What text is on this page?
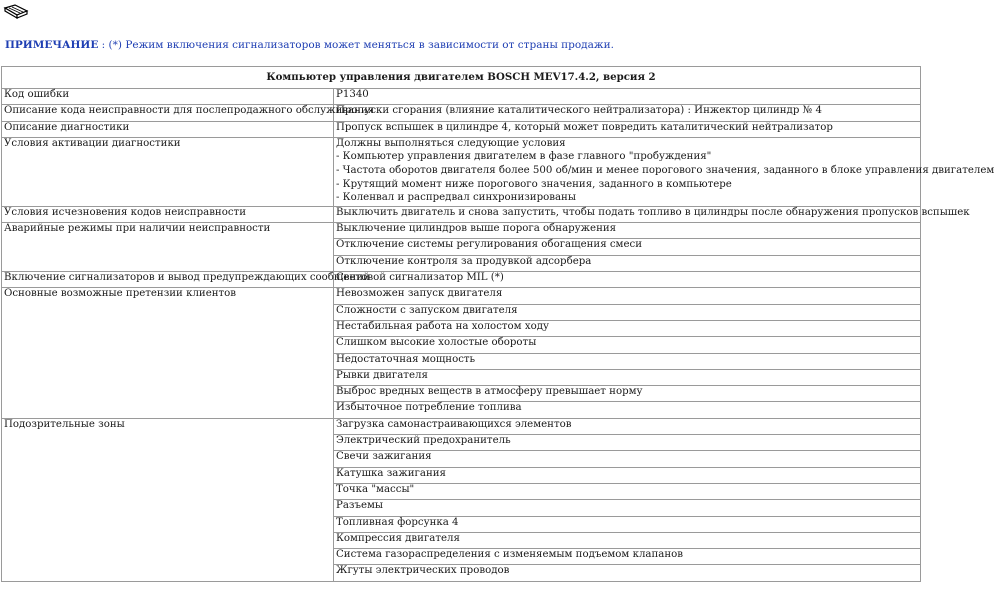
ПРИМЕЧАНИЕ : (*) Режим включения сигнализаторов может меняться в зависимости от страны продажи.
Компьютер управления двигателем BOSCH MEV17.4.2, версия 2	
Код ошибки	P1340
Описание кода неисправности для послепродажного обслуживания	Пропуски сгорания (влияние каталитического нейтрализатора) : Инжектор цилиндр № 4
Описание диагностики	Пропуск вспышек в цилиндре 4, который может повредить каталитический нейтрализатор
Условия активации диагностики	Должны выполняться следующие условия
- Компьютер управления двигателем в фазе главного "пробуждения"
- Частота оборотов двигателя более 500 об/мин и менее порогового значения, заданного в блоке управления двигателем
- Крутящий момент ниже порогового значения, заданного в компьютере
- Коленвал и распредвал синхронизированы

Условия исчезновения кодов неисправности	Выключить двигатель и снова запустить, чтобы подать топливо в цилиндры после обнаружения пропусков вспышек
Аварийные режимы при наличии неисправности	Выключение цилиндров выше порога обнаружения
	Отключение системы регулирования обогащения смеси
	Отключение контроля за продувкой адсорбера
Включение сигнализаторов и вывод предупреждающих сообщений	Световой сигнализатор MIL (*)
Основные возможные претензии клиентов	Невозможен запуск двигателя
	Сложности с запуском двигателя
	Нестабильная работа на холостом ходу
	Слишком высокие холостые обороты
	Недостаточная мощность
	Рывки двигателя
	Выброс вредных веществ в атмосферу превышает норму
	Избыточное потребление топлива
Подозрительные зоны	Загрузка самонастраивающихся элементов
	Электрический предохранитель
	Свечи зажигания
	Катушка зажигания
	Точка "массы"
	Разъемы
	Топливная форсунка 4
	Компрессия двигателя
	Система газораспределения с изменяемым подъемом клапанов
	Жгуты электрических проводов
